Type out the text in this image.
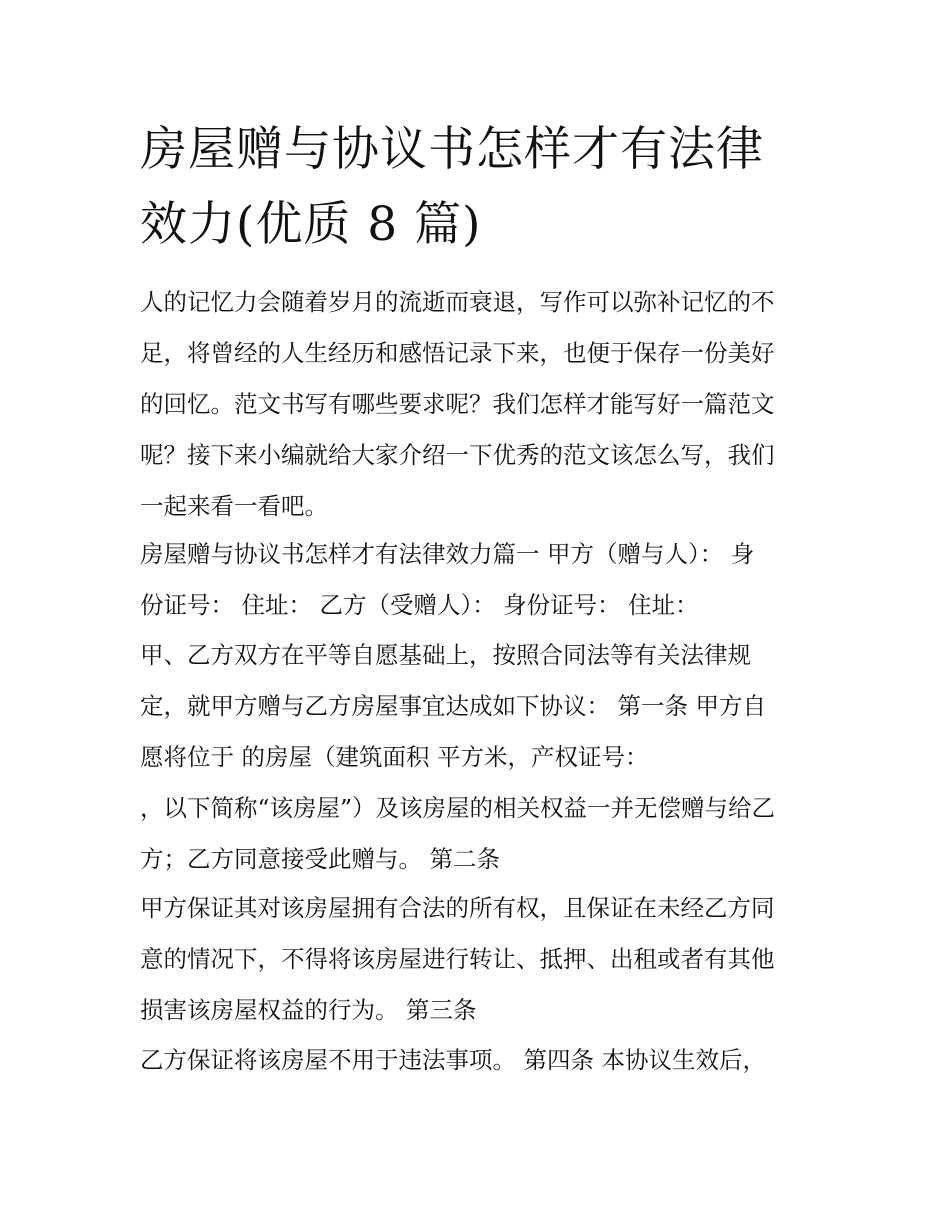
房屋赠与协议书怎样才有法律
效力(优质 8 篇)
人的记忆力会随着岁月的流逝而衰退，写作可以弥补记忆的不
足，将曾经的人生经历和感悟记录下来，也便于保存一份美好
的回忆。范文书写有哪些要求呢？我们怎样才能写好一篇范文
呢？接下来小编就给大家介绍一下优秀的范文该怎么写，我们
一起来看一看吧。
房屋赠与协议书怎样才有法律效力篇一 甲方（赠与人）： 身
份证号： 住址： 乙方（受赠人）： 身份证号： 住址：
甲、乙方双方在平等自愿基础上，按照合同法等有关法律规
定，就甲方赠与乙方房屋事宜达成如下协议： 第一条 甲方自
愿将位于 的房屋（建筑面积 平方米，产权证号：
，以下简称“该房屋”）及该房屋的相关权益一并无偿赠与给乙
方；乙方同意接受此赠与。 第二条
甲方保证其对该房屋拥有合法的所有权，且保证在未经乙方同
意的情况下，不得将该房屋进行转让、抵押、出租或者有其他
损害该房屋权益的行为。 第三条
乙方保证将该房屋不用于违法事项。 第四条 本协议生效后，
